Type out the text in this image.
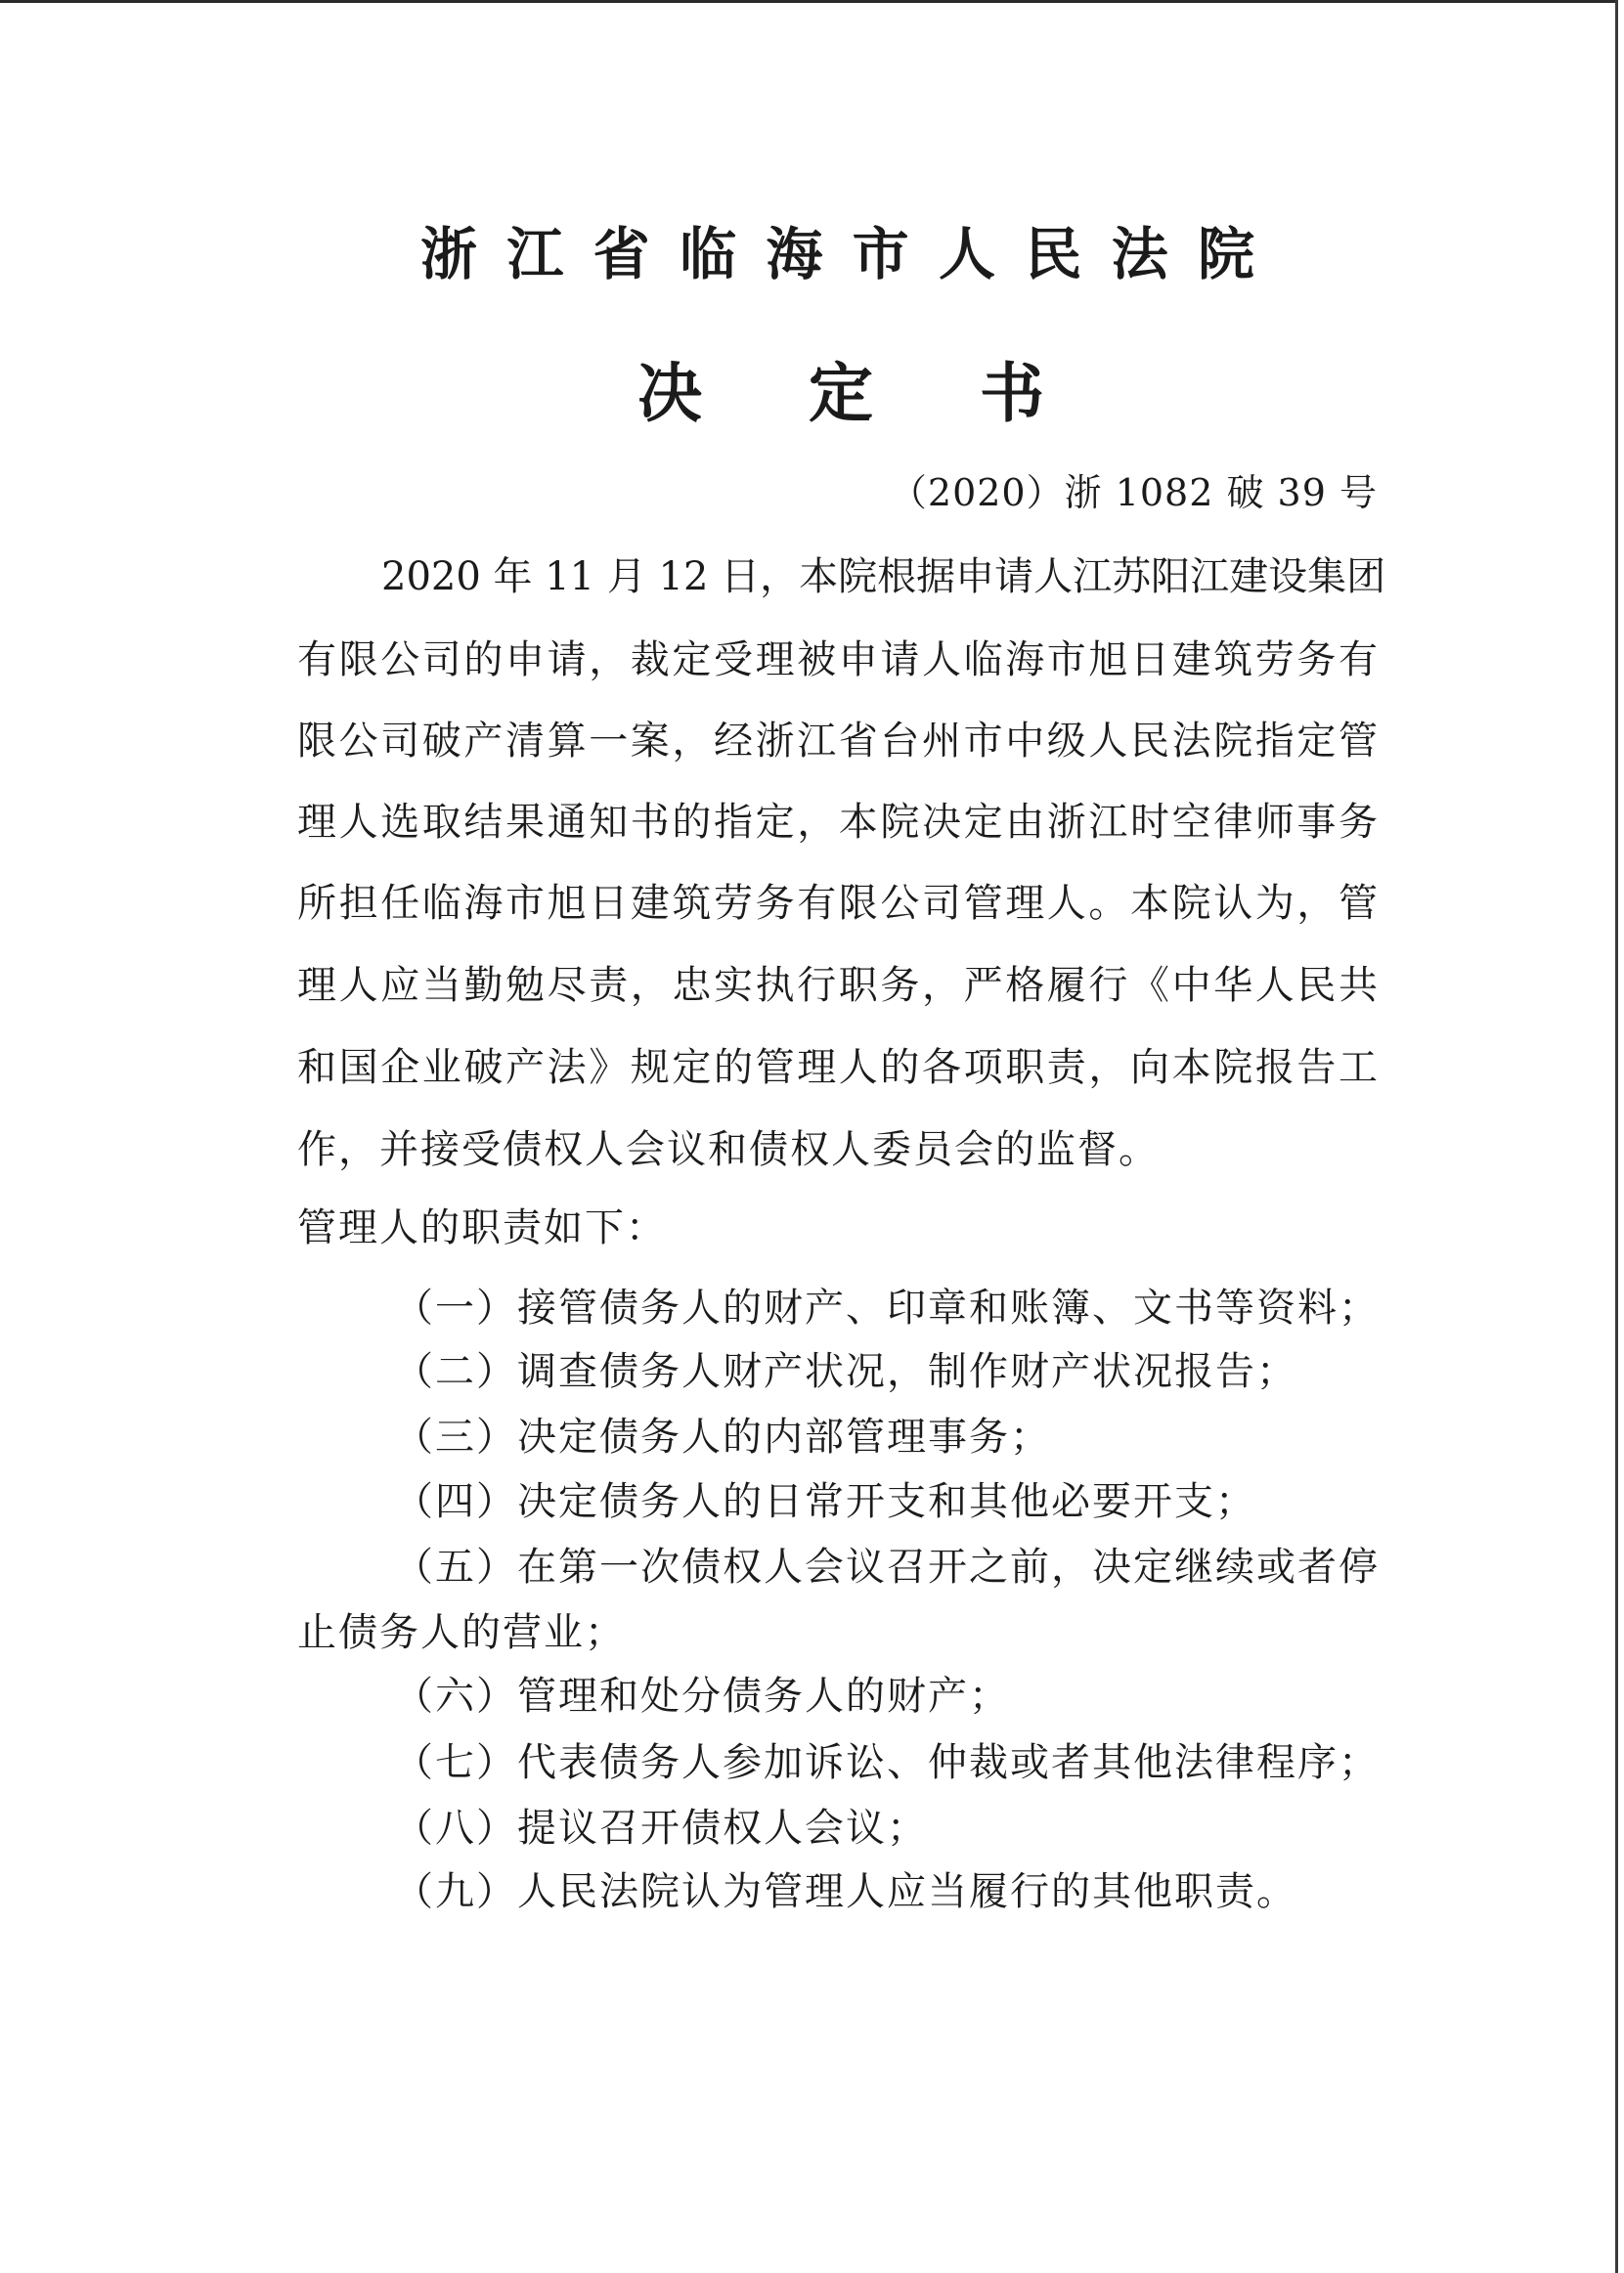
浙江省临海市人民法院
决定书
（2020）浙 1082 破 39 号
2020 年 11 月 12 日，本院根据申请人江苏阳江建设集团
有限公司的申请，裁定受理被申请人临海市旭日建筑劳务有
限公司破产清算一案，经浙江省台州市中级人民法院指定管
理人选取结果通知书的指定，本院决定由浙江时空律师事务
所担任临海市旭日建筑劳务有限公司管理人。本院认为，管
理人应当勤勉尽责，忠实执行职务，严格履行《中华人民共
和国企业破产法》规定的管理人的各项职责，向本院报告工
作，并接受债权人会议和债权人委员会的监督。
管理人的职责如下：
（一）接管债务人的财产、印章和账簿、文书等资料；
（二）调查债务人财产状况，制作财产状况报告；
（三）决定债务人的内部管理事务；
（四）决定债务人的日常开支和其他必要开支；
（五）在第一次债权人会议召开之前，决定继续或者停
止债务人的营业；
（六）管理和处分债务人的财产；
（七）代表债务人参加诉讼、仲裁或者其他法律程序；
（八）提议召开债权人会议；
（九）人民法院认为管理人应当履行的其他职责。
